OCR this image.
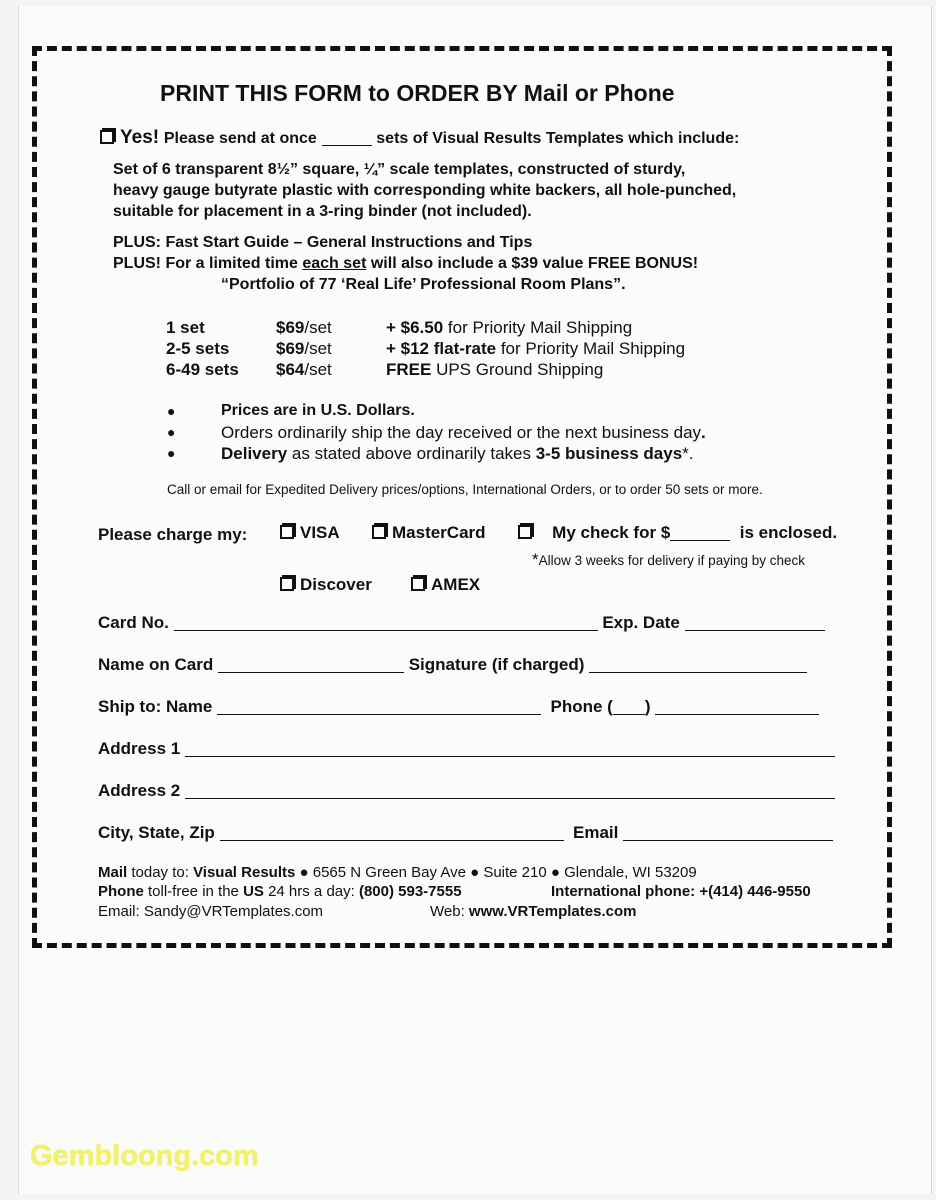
PRINT THIS FORM to ORDER BY Mail or Phone
Yes! Please send at once	sets of Visual Results Templates which include:
Set of 6 transparent 8½” square, ¼” scale templates, constructed of sturdy,
heavy gauge butyrate plastic with corresponding white backers, all hole-punched,
suitable for placement in a 3-ring binder (not included).
PLUS: Fast Start Guide – General Instructions and Tips
PLUS! For a limited time each set will also include a $39 value FREE BONUS!
“Portfolio of 77 ‘Real Life’ Professional Room Plans”.
1 set	$69/set	+ $6.50 for Priority Mail Shipping
2-5 sets	$69/set	+ $12 flat-rate for Priority Mail Shipping
6-49 sets $64/set	FREE UPS Ground Shipping
●	Prices are in U.S. Dollars.
●	Orders ordinarily ship the day received or the next business day.
●	Delivery as stated above ordinarily takes 3-5 business days*.
Call or email for Expedited Delivery prices/options, International Orders, or to order 50 sets or more.
Please charge my:	VISA	MasterCard	My check for $	is enclosed.
*Allow 3 weeks for delivery if paying by check
Discover	AMEX
Card No.	Exp. Date
Name on Card	Signature (if charged)
Ship to: Name	Phone ( )
Address 1
Address 2
City, State, Zip	Email
Mail today to: Visual Results ● 6565 N Green Bay Ave ● Suite 210 ● Glendale, WI 53209
Phone toll-free in the US 24 hrs a day: (800) 593-7555	International phone: +(414) 446-9550
Email: Sandy@VRTemplates.com	Web: www.VRTemplates.com
Gembloong.com
